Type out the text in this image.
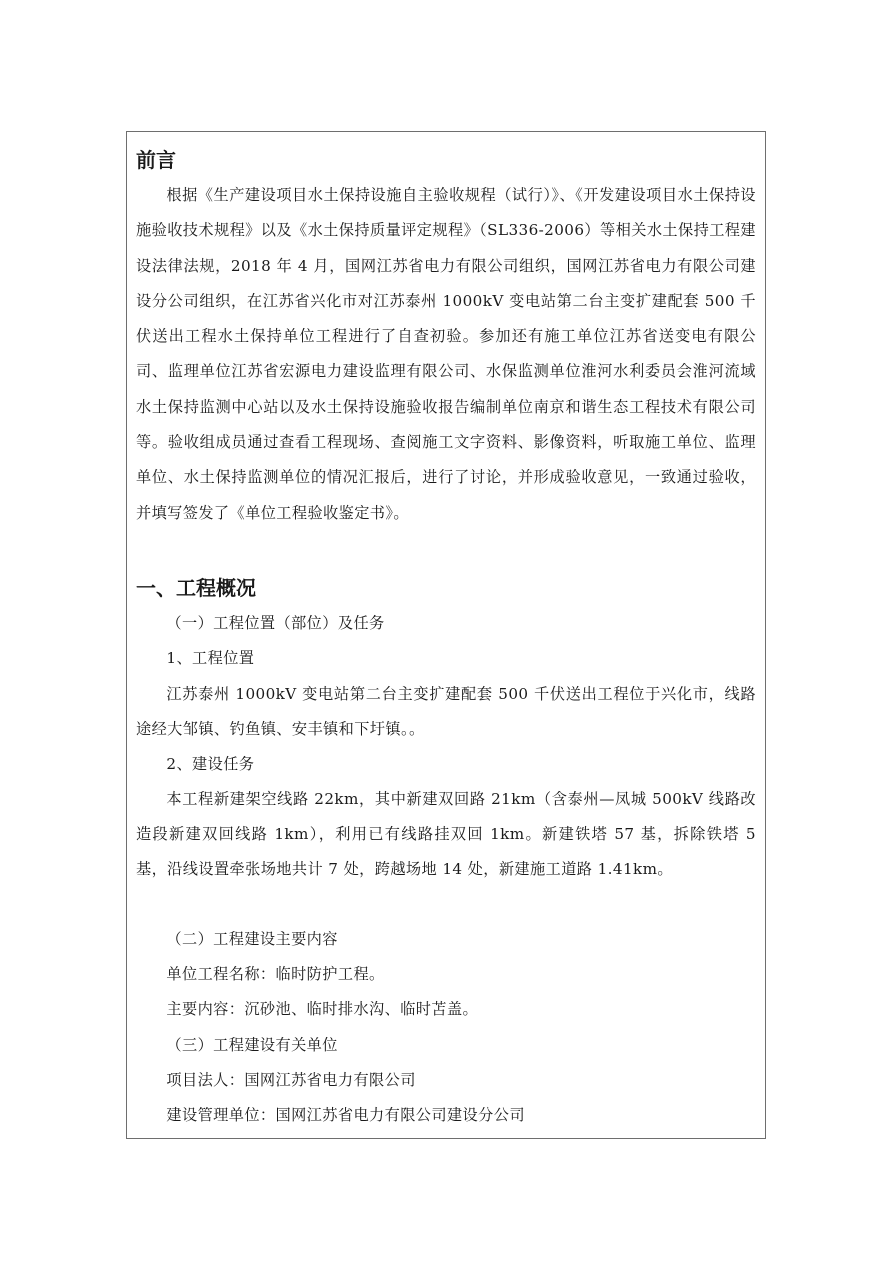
前言

根据《生产建设项目水土保持设施自主验收规程（试行）》、《开发建设项目水土保持设施验收技术规程》以及《水土保持质量评定规程》（SL336-2006）等相关水土保持工程建设法律法规，2018 年 4 月，国网江苏省电力有限公司组织，国网江苏省电力有限公司建设分公司组织，在江苏省兴化市对江苏泰州 1000kV 变电站第二台主变扩建配套 500 千伏送出工程水土保持单位工程进行了自查初验。参加还有施工单位江苏省送变电有限公司、监理单位江苏省宏源电力建设监理有限公司、水保监测单位淮河水利委员会淮河流域水土保持监测中心站以及水土保持设施验收报告编制单位南京和谐生态工程技术有限公司等。验收组成员通过查看工程现场、查阅施工文字资料、影像资料，听取施工单位、监理单位、水土保持监测单位的情况汇报后，进行了讨论，并形成验收意见，一致通过验收，并填写签发了《单位工程验收鉴定书》。

一、工程概况

（一）工程位置（部位）及任务

1、工程位置

江苏泰州 1000kV 变电站第二台主变扩建配套 500 千伏送出工程位于兴化市，线路途经大邹镇、钓鱼镇、安丰镇和下圩镇。。

2、建设任务

本工程新建架空线路 22km，其中新建双回路 21km（含泰州—凤城 500kV 线路改造段新建双回线路 1km），利用已有线路挂双回 1km。新建铁塔 57 基，拆除铁塔 5 基，沿线设置牵张场地共计 7 处，跨越场地 14 处，新建施工道路 1.41km。

（二）工程建设主要内容

单位工程名称：临时防护工程。

主要内容：沉砂池、临时排水沟、临时苫盖。

（三）工程建设有关单位

项目法人：国网江苏省电力有限公司

建设管理单位：国网江苏省电力有限公司建设分公司
